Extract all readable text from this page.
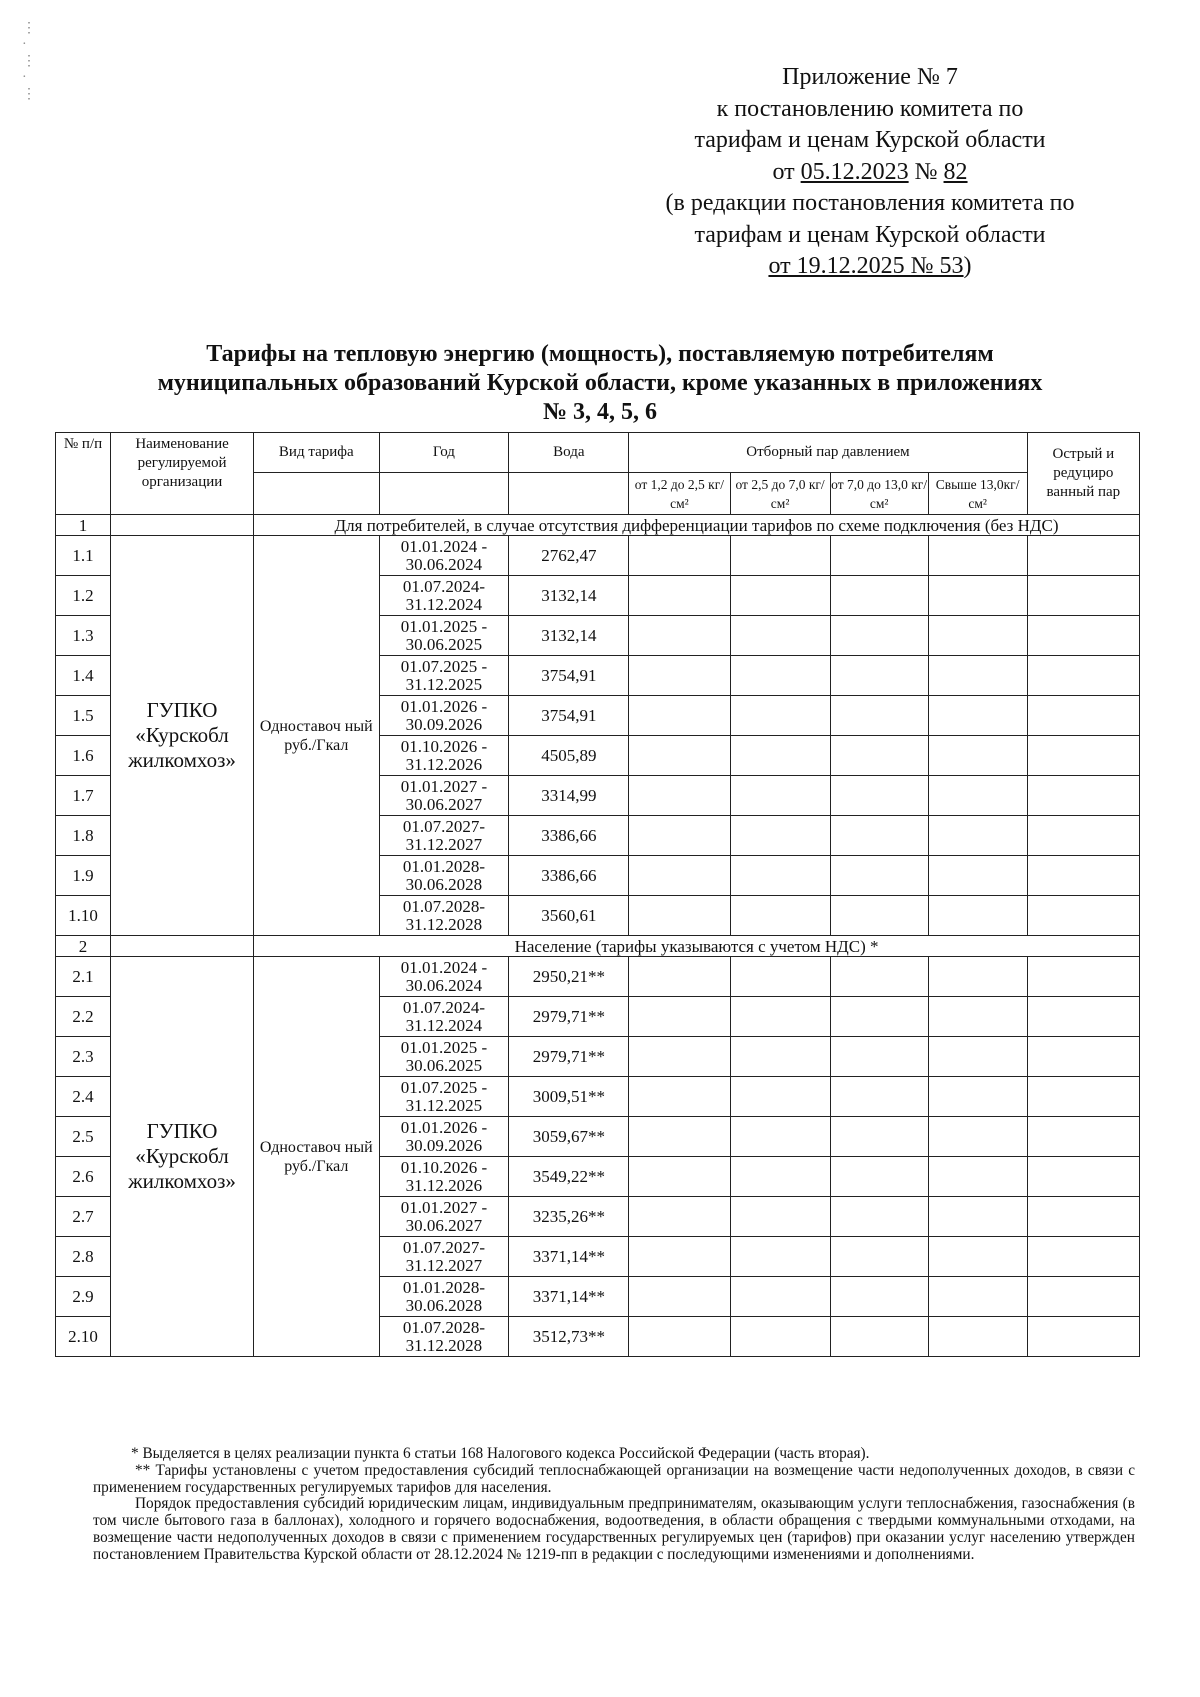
Приложение № 7
к постановлению комитета по
тарифам и ценам Курской области
от 05.12.2023 № 82
(в редакции постановления комитета по
тарифам и ценам Курской области
от 19.12.2025 № 53)
Тарифы на тепловую энергию (мощность), поставляемую потребителям
муниципальных образований Курской области, кроме указанных в приложениях
№ 3, 4, 5, 6
№ п/п	Наименование регулируемой организации	Вид тарифа	Год	Вода	Отборный пар давлением				Острый и редуциро ванный пар
					от 1,2 до 2,5 кг/см²	от 2,5 до 7,0 кг/см²	от 7,0 до 13,0 кг/см²	Свыше 13,0кг/см²	
1		Для потребителей, в случае отсутствия дифференциации тарифов по схеме подключения (без НДС)							
1.1	ГУПКО «Курскобл жилкомхоз»	Одноставоч ный руб./Гкал	01.01.2024 - 30.06.2024	2762,47					
1.2			01.07.2024- 31.12.2024	3132,14					
1.3			01.01.2025 - 30.06.2025	3132,14					
1.4			01.07.2025 - 31.12.2025	3754,91					
1.5			01.01.2026 - 30.09.2026	3754,91					
1.6			01.10.2026 - 31.12.2026	4505,89					
1.7			01.01.2027 - 30.06.2027	3314,99					
1.8			01.07.2027- 31.12.2027	3386,66					
1.9			01.01.2028- 30.06.2028	3386,66					
1.10			01.07.2028- 31.12.2028	3560,61					
2		Население (тарифы указываются с учетом НДС) *							
2.1	ГУПКО «Курскобл жилкомхоз»	Одноставоч ный руб./Гкал	01.01.2024 - 30.06.2024	2950,21**					
2.2			01.07.2024- 31.12.2024	2979,71**					
2.3			01.01.2025 - 30.06.2025	2979,71**					
2.4			01.07.2025 - 31.12.2025	3009,51**					
2.5			01.01.2026 - 30.09.2026	3059,67**					
2.6			01.10.2026 - 31.12.2026	3549,22**					
2.7			01.01.2027 - 30.06.2027	3235,26**					
2.8			01.07.2027- 31.12.2027	3371,14**					
2.9			01.01.2028- 30.06.2028	3371,14**					
2.10			01.07.2028- 31.12.2028	3512,73**					

* Выделяется в целях реализации пункта 6 статьи 168 Налогового кодекса Российской Федерации (часть вторая).

** Тарифы установлены с учетом предоставления субсидий теплоснабжающей организации на возмещение части недополученных доходов, в связи с применением государственных регулируемых тарифов для населения.

Порядок предоставления субсидий юридическим лицам, индивидуальным предпринимателям, оказывающим услуги теплоснабжения, газоснабжения (в том числе бытового газа в баллонах), холодного и горячего водоснабжения, водоотведения, в области обращения с твердыми коммунальными отходами, на возмещение части недополученных доходов в связи с применением государственных регулируемых цен (тарифов) при оказании услуг населению утвержден постановлением Правительства Курской области от 28.12.2024 № 1219-пп в редакции с последующими изменениями и дополнениями.

⋮
·
⋮
·
⋮
